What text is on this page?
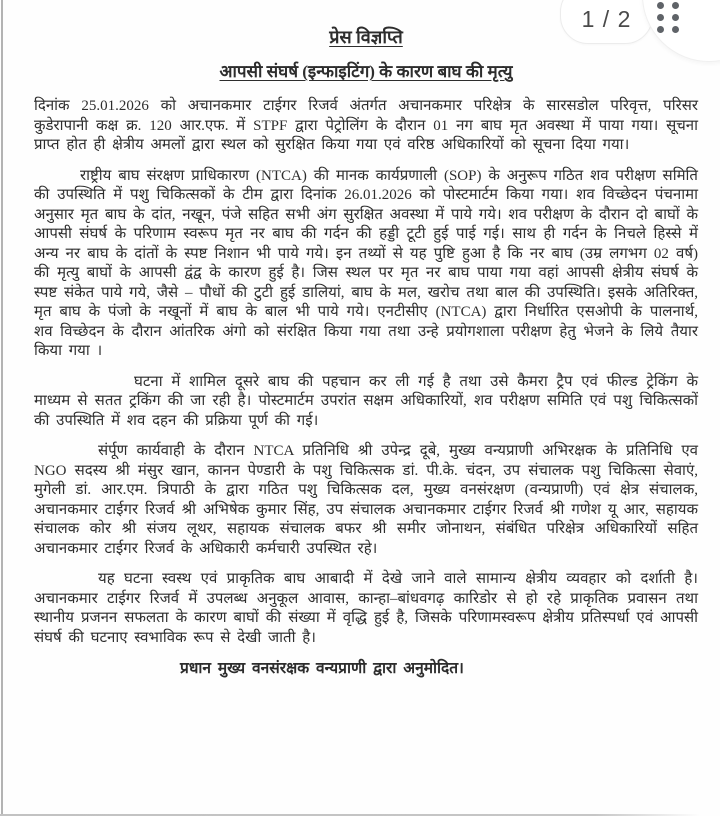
प्रेस विज्ञप्ति
आपसी संघर्ष (इन्फाइटिंग) के कारण बाघ की मृत्यु

दिनांक 25.01.2026 को अचानकमार टाईगर रिजर्व अंतर्गत अचानकमार परिक्षेत्र के सारसडोल परिवृत्त, परिसर कुडेरापानी कक्ष क्र. 120 आर.एफ. में STPF द्वारा पेट्रोलिंग के दौरान 01 नग बाघ मृत अवस्था में पाया गया। सूचना प्राप्त होत ही क्षेत्रीय अमलों द्वारा स्थल को सुरक्षित किया गया एवं वरिष्ठ अधिकारियों को सूचना दिया गया।

राष्ट्रीय बाघ संरक्षण प्राधिकारण (NTCA) की मानक कार्यप्रणाली (SOP) के अनुरूप गठित शव परीक्षण समिति की उपस्थिति में पशु चिकित्सकों के टीम द्वारा दिनांक 26.01.2026 को पोस्टमार्टम किया गया। शव विच्छेदन पंचनामा अनुसार मृत बाघ के दांत, नखून, पंजे सहित सभी अंग सुरक्षित अवस्था में पाये गये। शव परीक्षण के दौरान दो बाघों के आपसी संघर्ष के परिणाम स्वरूप मृत नर बाघ की गर्दन की हड्डी टूटी हुई पाई गई। साथ ही गर्दन के निचले हिस्से में अन्य नर बाघ के दांतों के स्पष्ट निशान भी पाये गये। इन तथ्यों से यह पुष्टि हुआ है कि नर बाघ (उम्र लगभग 02 वर्ष) की मृत्यु बाघों के आपसी द्वंद्व के कारण हुई है। जिस स्थल पर मृत नर बाघ पाया गया वहां आपसी क्षेत्रीय संघर्ष के स्पष्ट संकेत पाये गये, जैसे – पौधों की टुटी हुई डालियां, बाघ के मल, खरोच तथा बाल की उपस्थिति। इसके अतिरिक्त, मृत बाघ के पंजो के नखूनों में बाघ के बाल भी पाये गये। एनटीसीए (NTCA) द्वारा निर्धारित एसओपी के पालनार्थ, शव विच्छेदन के दौरान आंतरिक अंगो को संरक्षित किया गया तथा उन्हे प्रयोगशाला परीक्षण हेतु भेजने के लिये तैयार किया गया ।

घटना में शामिल दूसरे बाघ की पहचान कर ली गई है तथा उसे कैमरा ट्रैप एवं फील्ड ट्रेकिंग के माध्यम से सतत ट्रकिंग की जा रही है। पोस्टमार्टम उपरांत सक्षम अधिकारियों, शव परीक्षण समिति एवं पशु चिकित्सकों की उपस्थिति में शव दहन की प्रक्रिया पूर्ण की गई।

संर्पूण कार्यवाही के दौरान NTCA प्रतिनिधि श्री उपेन्द्र दूबे, मुख्य वन्यप्राणी अभिरक्षक के प्रतिनिधि एव NGO सदस्य श्री मंसुर खान, कानन पेण्डारी के पशु चिकित्सक डां. पी.के. चंदन, उप संचालक पशु चिकित्सा सेवाएं, मुगेली डां. आर.एम. त्रिपाठी के द्वारा गठित पशु चिकित्सक दल, मुख्य वनसंरक्षण (वन्यप्राणी) एवं क्षेत्र संचालक, अचानकमार टाईगर रिजर्व श्री अभिषेक कुमार सिंह, उप संचालक अचानकमार टाईगर रिजर्व श्री गणेश यू आर, सहायक संचालक कोर श्री संजय लूथर, सहायक संचालक बफर श्री समीर जोनाथन, संबंधित परिक्षेत्र अधिकारियों सहित अचानकमार टाईगर रिजर्व के अधिकारी कर्मचारी उपस्थित रहे।

यह घटना स्वस्थ एवं प्राकृतिक बाघ आबादी में देखे जाने वाले सामान्य क्षेत्रीय व्यवहार को दर्शाती है। अचानकमार टाईगर रिजर्व में उपलब्ध अनुकूल आवास, कान्हा–बांधवगढ़ कारिडोर से हो रहे प्राकृतिक प्रवासन तथा स्थानीय प्रजनन सफलता के कारण बाघों की संख्या में वृद्धि हुई है, जिसके परिणामस्वरूप क्षेत्रीय प्रतिस्पर्धा एवं आपसी संघर्ष की घटनाए स्वभाविक रूप से देखी जाती है।

प्रधान मुख्य वनसंरक्षक वन्यप्राणी द्वारा अनुमोदित।

1 / 2
